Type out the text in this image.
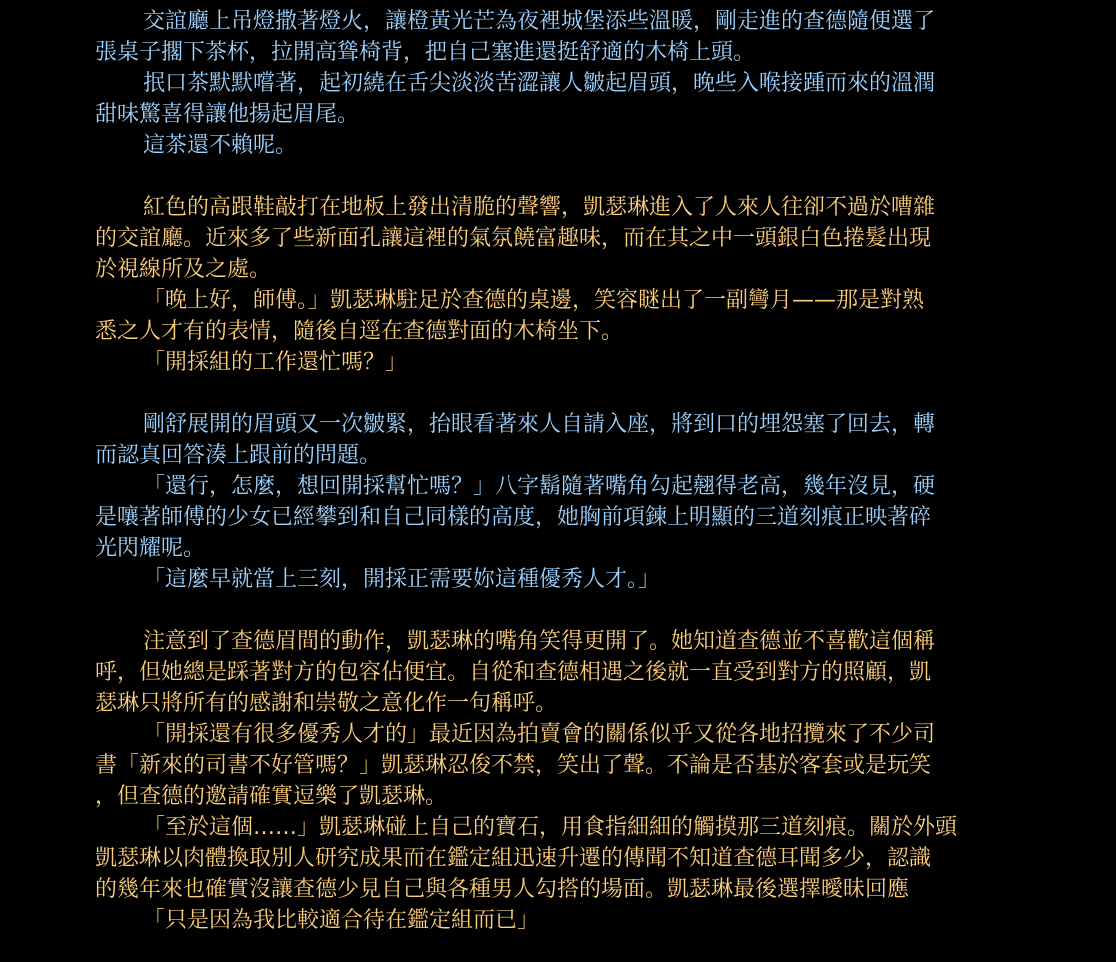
交誼廳上吊燈撒著燈火，讓橙黃光芒為夜裡城堡添些溫暖，剛走進的查德隨便選了
張桌子擱下茶杯，拉開高聳椅背，把自己塞進還挺舒適的木椅上頭。
抿口茶默默嚐著，起初繞在舌尖淡淡苦澀讓人皺起眉頭，晚些入喉接踵而來的溫潤
甜味驚喜得讓他揚起眉尾。
這茶還不賴呢。
紅色的高跟鞋敲打在地板上發出清脆的聲響，凱瑟琳進入了人來人往卻不過於嘈雜
的交誼廳。近來多了些新面孔讓這裡的氣氛饒富趣味，而在其之中一頭銀白色捲髮出現
於視線所及之處。
「晚上好，師傅。」凱瑟琳駐足於查德的桌邊，笑容瞇出了一副彎月——那是對熟
悉之人才有的表情，隨後自逕在查德對面的木椅坐下。
「開採組的工作還忙嗎？」
剛舒展開的眉頭又一次皺緊，抬眼看著來人自請入座，將到口的埋怨塞了回去，轉
而認真回答湊上跟前的問題。
「還行，怎麼，想回開採幫忙嗎？」八字鬍隨著嘴角勾起翹得老高，幾年沒見，硬
是嚷著師傅的少女已經攀到和自己同樣的高度，她胸前項鍊上明顯的三道刻痕正映著碎
光閃耀呢。
「這麼早就當上三刻，開採正需要妳這種優秀人才。」
注意到了查德眉間的動作，凱瑟琳的嘴角笑得更開了。她知道查德並不喜歡這個稱
呼，但她總是踩著對方的包容佔便宜。自從和查德相遇之後就一直受到對方的照顧，凱
瑟琳只將所有的感謝和崇敬之意化作一句稱呼。
「開採還有很多優秀人才的」最近因為拍賣會的關係似乎又從各地招攬來了不少司
書「新來的司書不好管嗎？」凱瑟琳忍俊不禁，笑出了聲。不論是否基於客套或是玩笑
，但查德的邀請確實逗樂了凱瑟琳。
「至於這個……」凱瑟琳碰上自己的寶石，用食指細細的觸摸那三道刻痕。關於外頭
凱瑟琳以肉體換取別人研究成果而在鑑定組迅速升遷的傳聞不知道查德耳聞多少，認識
的幾年來也確實沒讓查德少見自己與各種男人勾搭的場面。凱瑟琳最後選擇曖昧回應
「只是因為我比較適合待在鑑定組而已」
